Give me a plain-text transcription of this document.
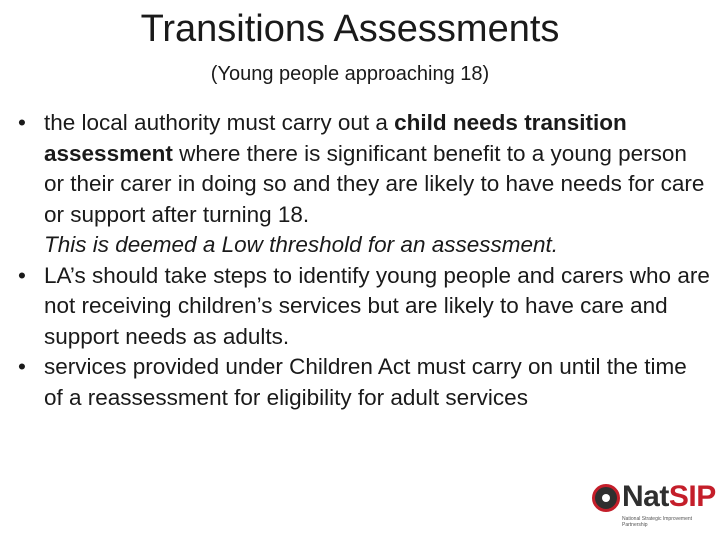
Transitions Assessments
(Young people approaching 18)
• the local authority must carry out a child needs transition assessment where there is significant benefit to a young person or their carer in doing so and they are likely to have needs for care or support after turning 18.
This is deemed a Low threshold for an assessment.
• LA’s should take steps to identify young people and carers who are not receiving children’s services but are likely to have care and support needs as adults.
• services provided under Children Act must carry on until the time of a reassessment for eligibility for adult services
NatSIP
National Strategic Improvement Partnership
